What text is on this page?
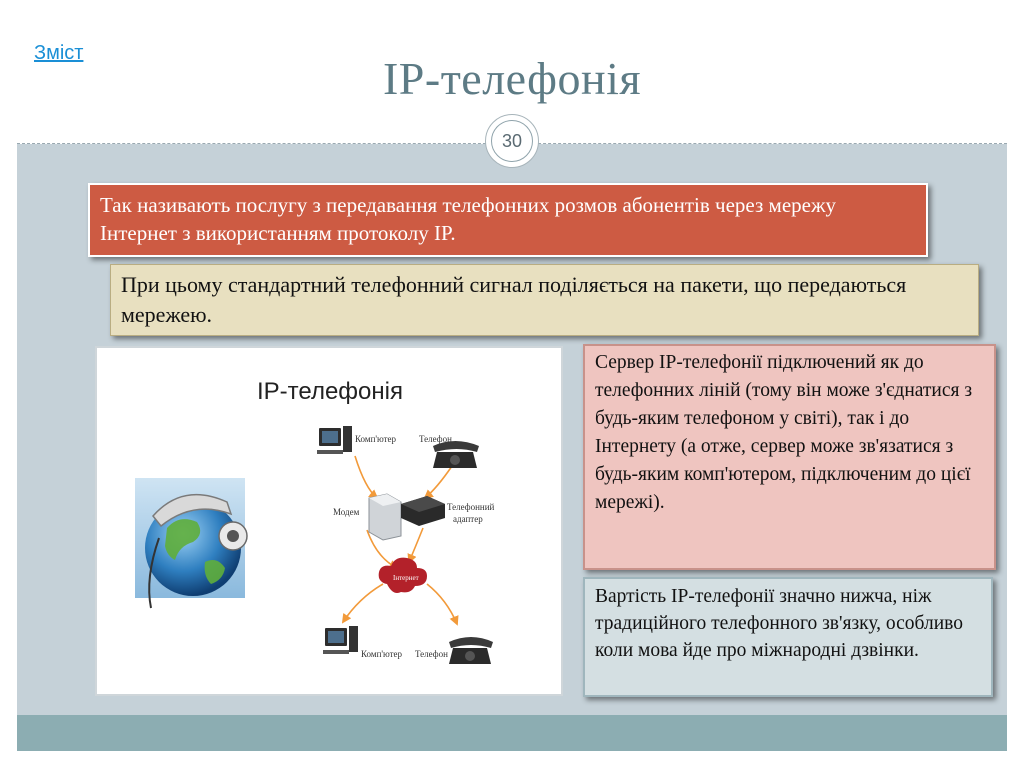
Зміст	IP-телефонія
30
Так називають послугу з передавання телефонних розмов абонентів через мережу Інтернет з використанням протоколу IP.
При цьому стандартний телефонний сигнал поділяється на пакети, що передаються мережею.
IP-телефонія
Комп'ютер	Телефон
Модем	Телефонний
адаптер
Інтернет
Комп'ютер Телефон
Сервер IP-телефонії підключений як до телефонних ліній (тому він може з'єднатися з будь-яким телефоном у світі), так і до Інтернету (а отже, сервер може зв'язатися з будь-яким комп'ютером, підключеним до цієї мережі).
Вартість IP-телефонії значно нижча, ніж традиційного телефонного зв'язку, особливо коли мова йде про міжнародні дзвінки.
